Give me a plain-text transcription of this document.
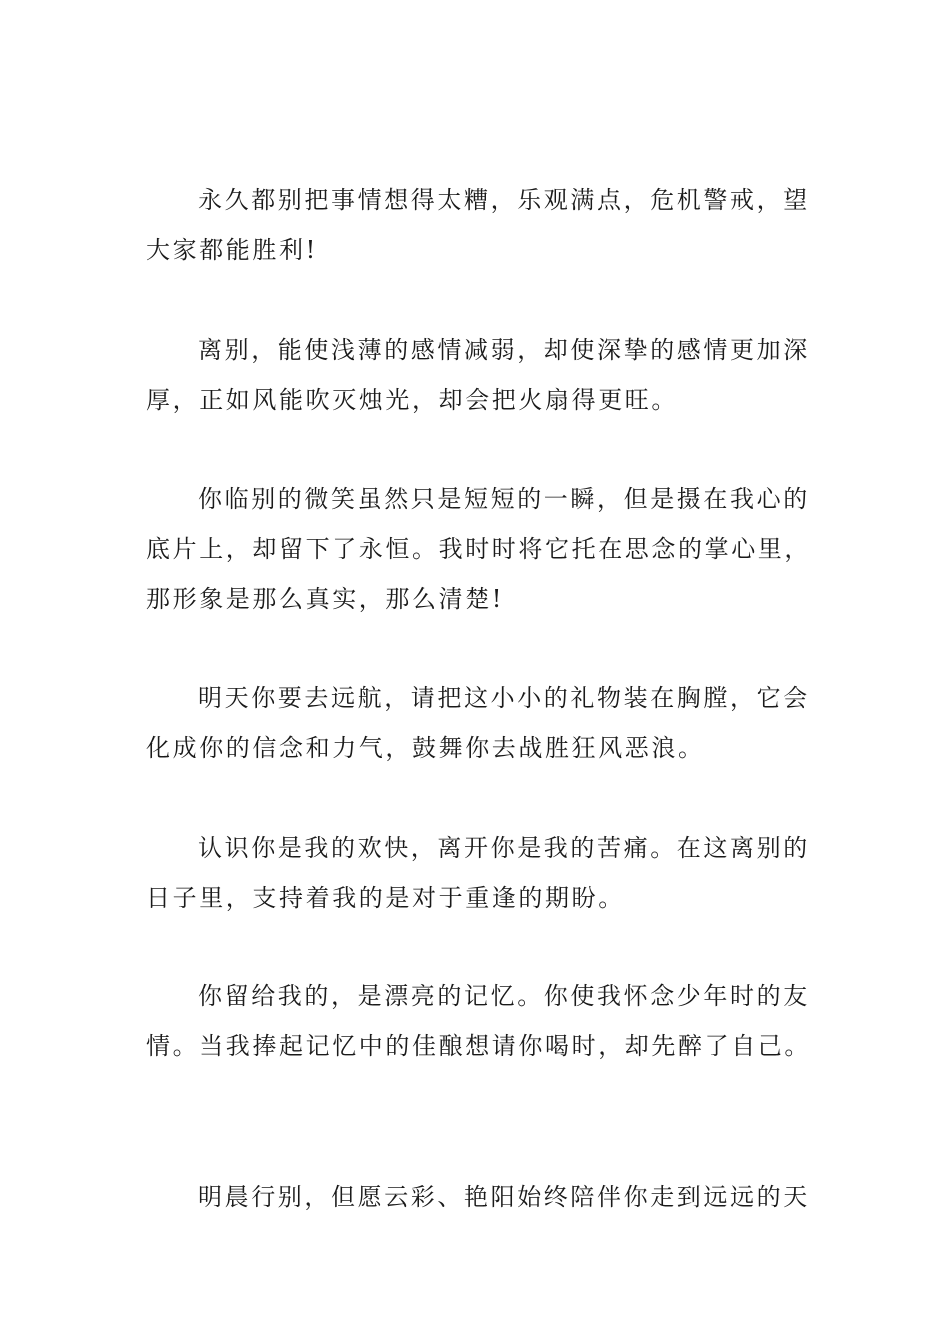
永久都别把事情想得太糟，乐观满点，危机警戒，望
大家都能胜利!

离别，能使浅薄的感情减弱，却使深挚的感情更加深
厚，正如风能吹灭烛光，却会把火扇得更旺。

你临别的微笑虽然只是短短的一瞬，但是摄在我心的
底片上，却留下了永恒。我时时将它托在思念的掌心里，
那形象是那么真实，那么清楚!

明天你要去远航，请把这小小的礼物装在胸膛，它会
化成你的信念和力气，鼓舞你去战胜狂风恶浪。

认识你是我的欢快，离开你是我的苦痛。在这离别的
日子里，支持着我的是对于重逢的期盼。

你留给我的，是漂亮的记忆。你使我怀念少年时的友
情。当我捧起记忆中的佳酿想请你喝时，却先醉了自己。

明晨行别，但愿云彩、艳阳始终陪伴你走到远远的天
